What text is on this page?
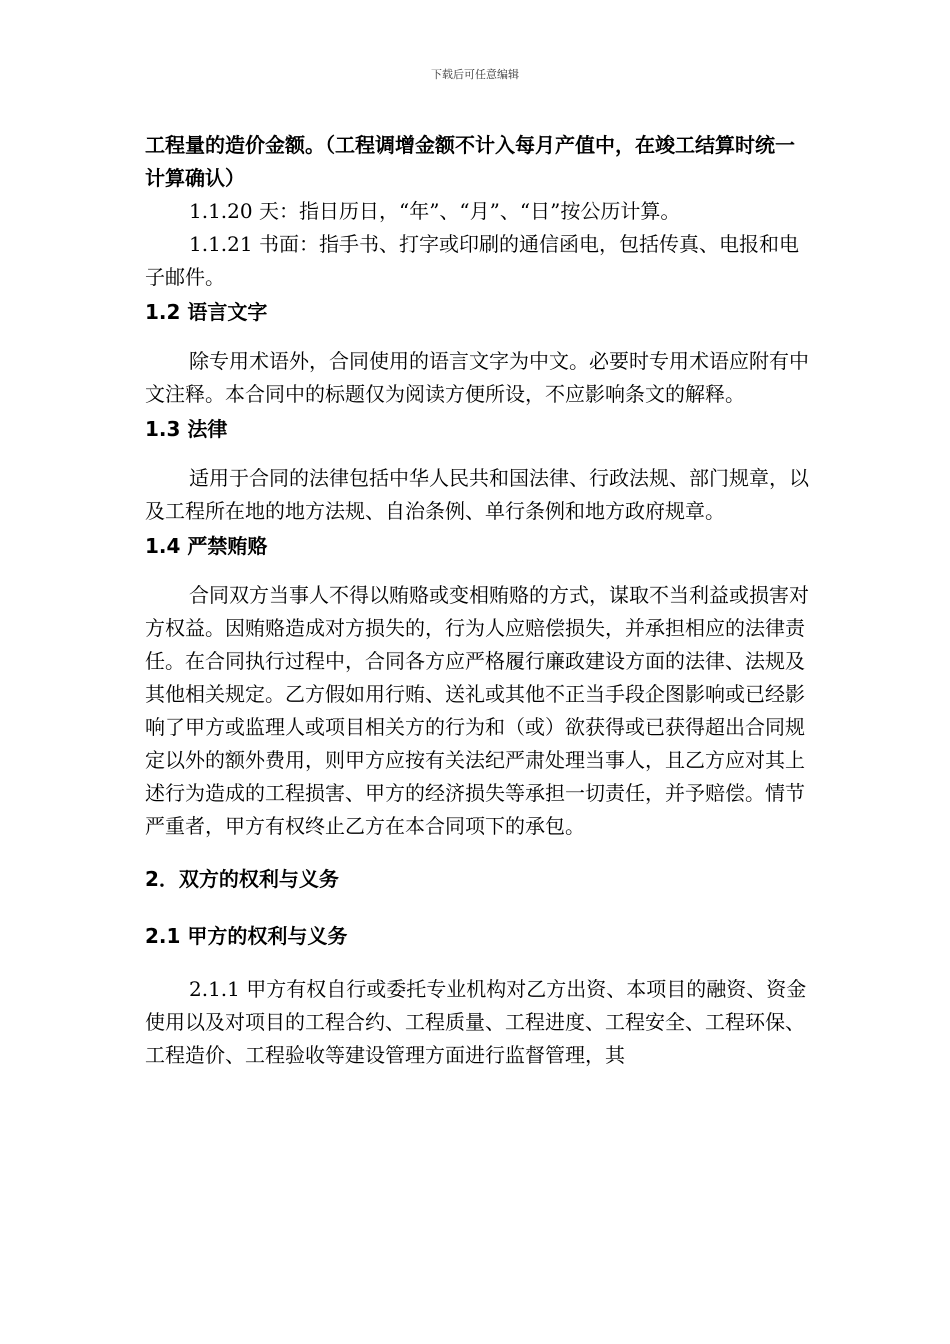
下载后可任意编辑

工程量的造价金额。（工程调增金额不计入每月产值中，在竣工结算时统一计算确认）

1.1.20 天：指日历日，“年”、“月”、“日”按公历计算。

1.1.21 书面：指手书、打字或印刷的通信函电，包括传真、电报和电子邮件。

1.2 语言文字

除专用术语外，合同使用的语言文字为中文。必要时专用术语应附有中文注释。本合同中的标题仅为阅读方便所设，不应影响条文的解释。

1.3 法律

适用于合同的法律包括中华人民共和国法律、行政法规、部门规章，以及工程所在地的地方法规、自治条例、单行条例和地方政府规章。

1.4 严禁贿赂

合同双方当事人不得以贿赂或变相贿赂的方式，谋取不当利益或损害对方权益。因贿赂造成对方损失的，行为人应赔偿损失，并承担相应的法律责任。在合同执行过程中，合同各方应严格履行廉政建设方面的法律、法规及其他相关规定。乙方假如用行贿、送礼或其他不正当手段企图影响或已经影响了甲方或监理人或项目相关方的行为和（或）欲获得或已获得超出合同规定以外的额外费用，则甲方应按有关法纪严肃处理当事人，且乙方应对其上述行为造成的工程损害、甲方的经济损失等承担一切责任，并予赔偿。情节严重者，甲方有权终止乙方在本合同项下的承包。

2．双方的权利与义务

2.1 甲方的权利与义务

2.1.1 甲方有权自行或委托专业机构对乙方出资、本项目的融资、资金使用以及对项目的工程合约、工程质量、工程进度、工程安全、工程环保、工程造价、工程验收等建设管理方面进行监督管理，其
